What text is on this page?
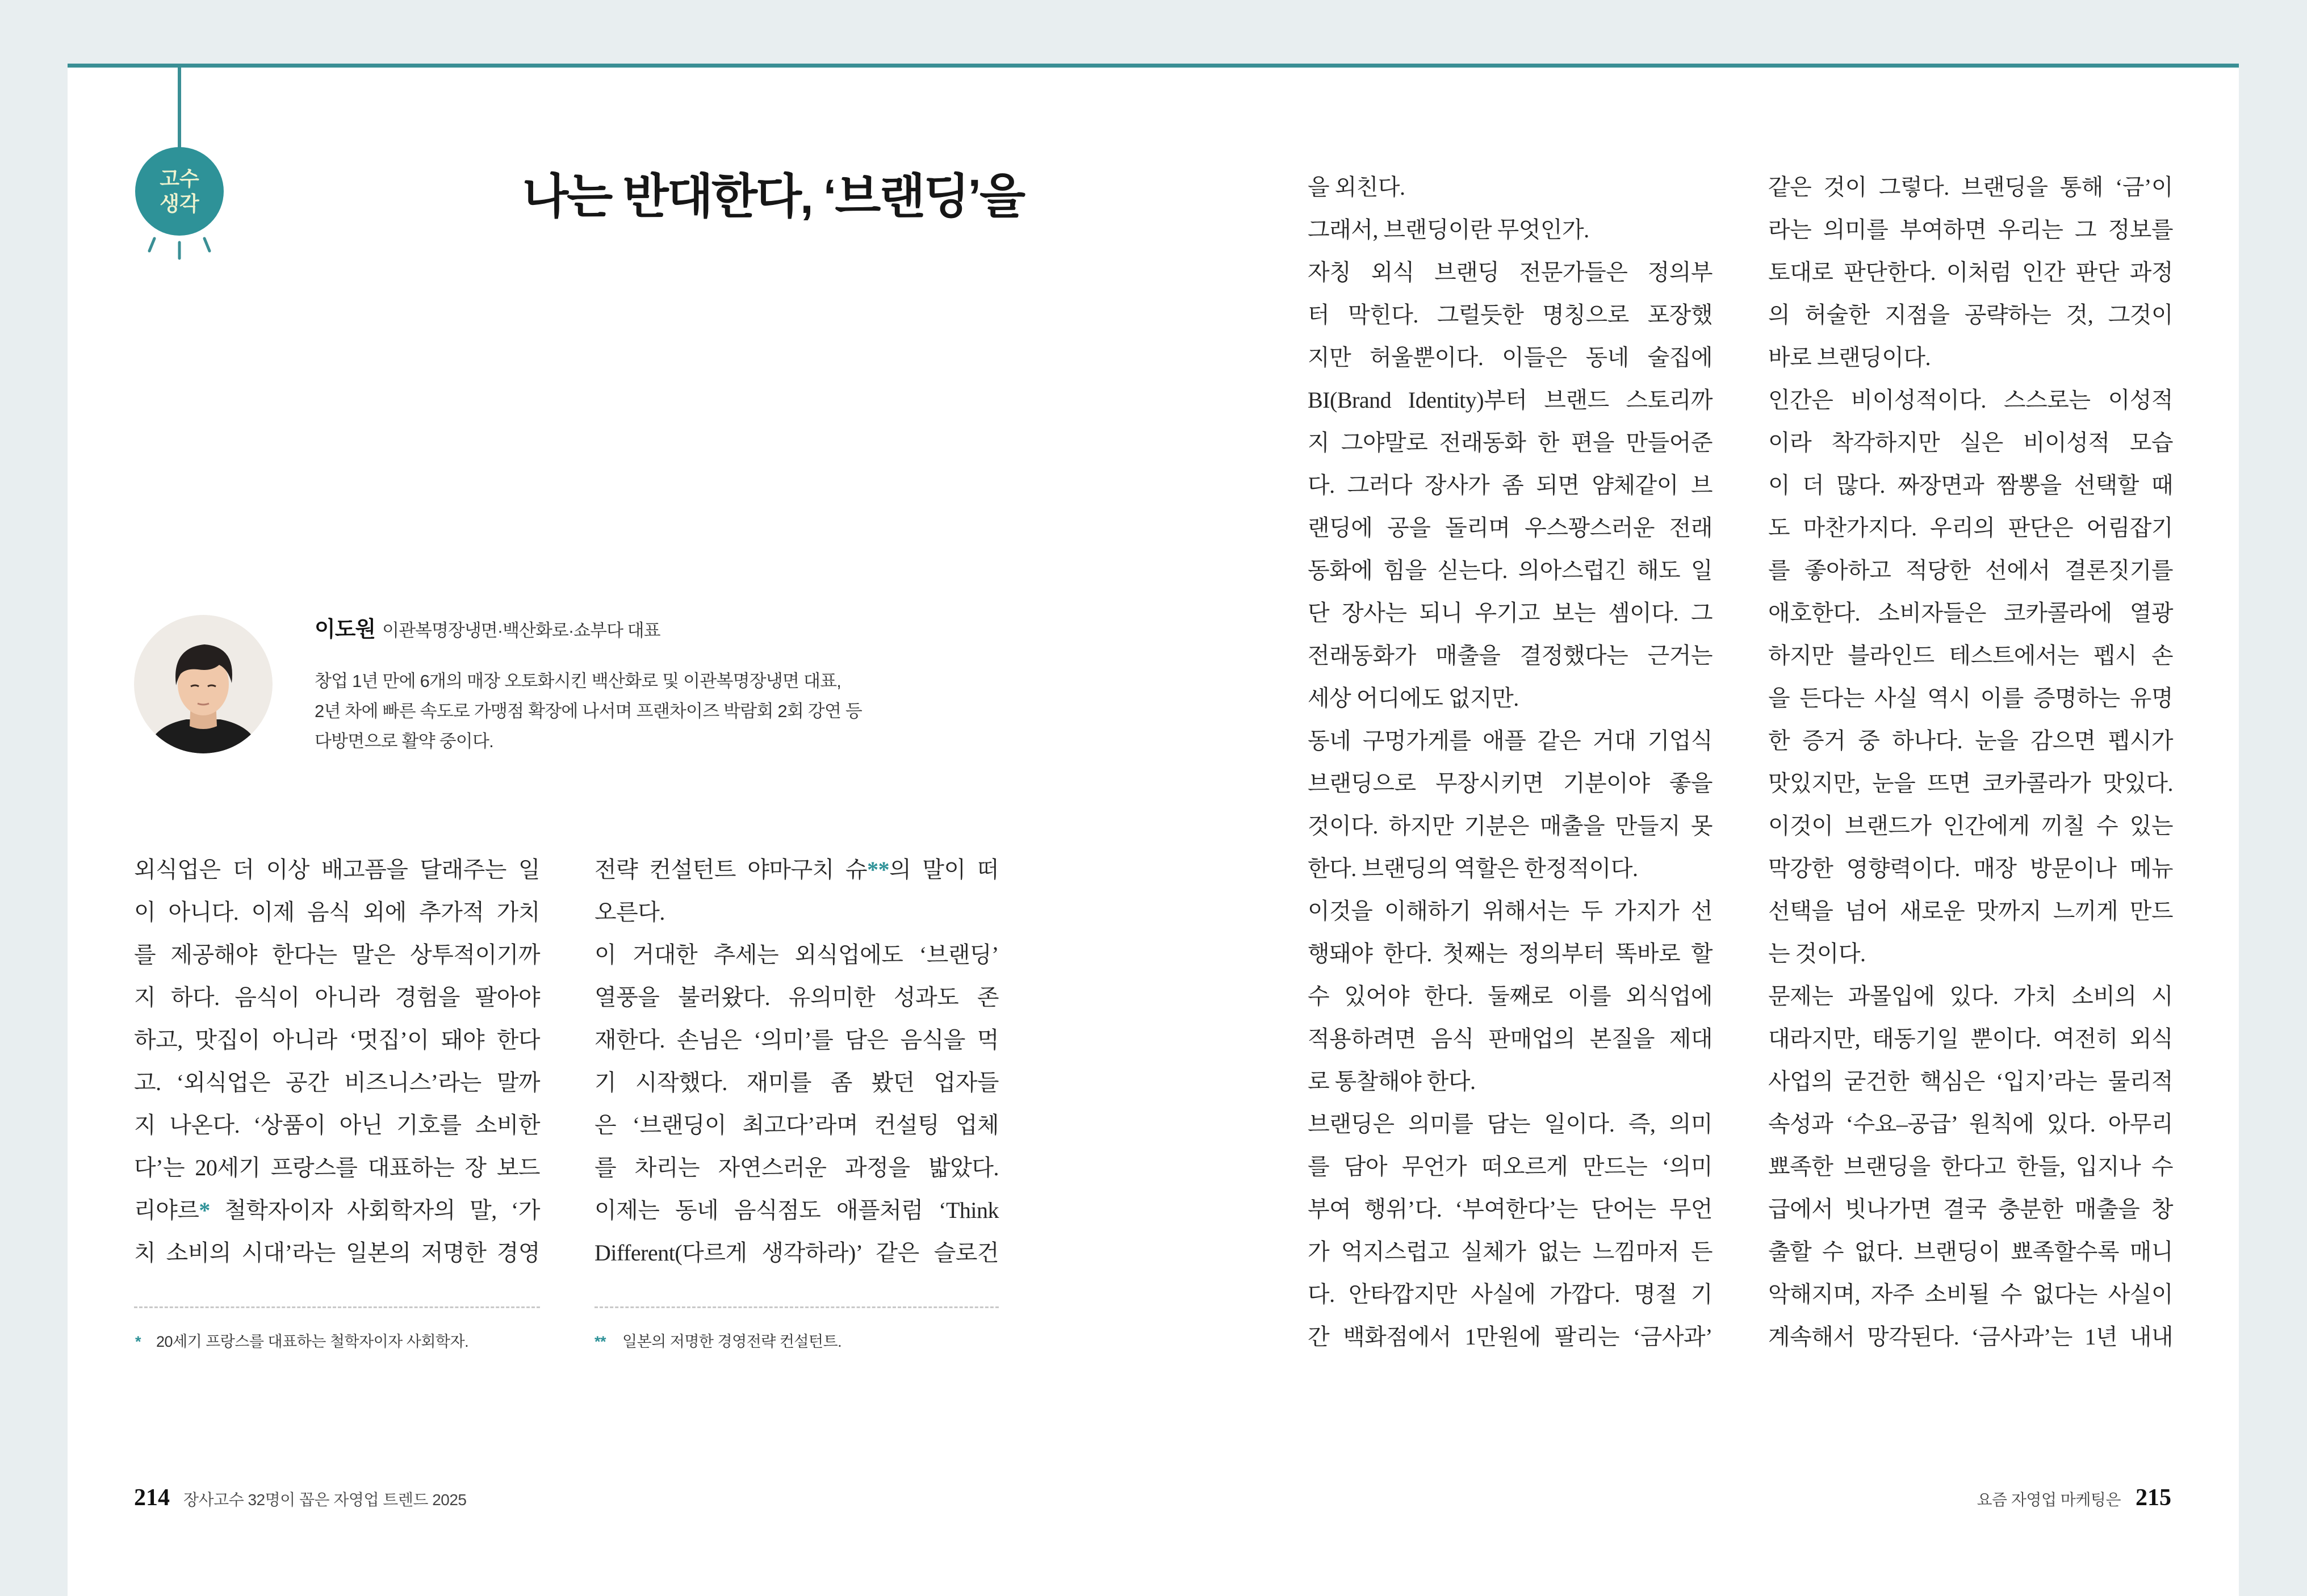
고수
생각	나는 반대한다, ‘브랜딩’을
이도원 이관복명장냉면·백산화로·쇼부다 대표
창업 1년 만에 6개의 매장 오토화시킨 백산화로 및 이관복명장냉면 대표,
2년 차에 빠른 속도로 가맹점 확장에 나서며 프랜차이즈 박람회 2회 강연 등
다방면으로 활약 중이다.
외식업은 더 이상 배고픔을 달래주는 일
이 아니다. 이제 음식 외에 추가적 가치
를 제공해야 한다는 말은 상투적이기까
지 하다. 음식이 아니라 경험을 팔아야
하고, 맛집이 아니라 ‘멋집’이 돼야 한다
고. ‘외식업은 공간 비즈니스’라는 말까
지 나온다. ‘상품이 아닌 기호를 소비한
다’는 20세기 프랑스를 대표하는 장 보드
리야르* 철학자이자 사회학자의 말, ‘가
치 소비의 시대’라는 일본의 저명한 경영
전략 컨설턴트 야마구치 슈**의 말이 떠
오른다.
이 거대한 추세는 외식업에도 ‘브랜딩’
열풍을 불러왔다. 유의미한 성과도 존
재한다. 손님은 ‘의미’를 담은 음식을 먹
기 시작했다. 재미를 좀 봤던 업자들
은 ‘브랜딩이 최고다’라며 컨설팅 업체
를 차리는 자연스러운 과정을 밟았다.
이제는 동네 음식점도 애플처럼 ‘Think
Different(다르게 생각하라)’ 같은 슬로건
을 외친다.
그래서, 브랜딩이란 무엇인가.
자칭 외식 브랜딩 전문가들은 정의부
터 막힌다. 그럴듯한 명칭으로 포장했
지만 허울뿐이다. 이들은 동네 술집에
BI(Brand Identity)부터 브랜드 스토리까
지 그야말로 전래동화 한 편을 만들어준
다. 그러다 장사가 좀 되면 얌체같이 브
랜딩에 공을 돌리며 우스꽝스러운 전래
동화에 힘을 싣는다. 의아스럽긴 해도 일
단 장사는 되니 우기고 보는 셈이다. 그
전래동화가 매출을 결정했다는 근거는
세상 어디에도 없지만.
동네 구멍가게를 애플 같은 거대 기업식
브랜딩으로 무장시키면 기분이야 좋을
것이다. 하지만 기분은 매출을 만들지 못
한다. 브랜딩의 역할은 한정적이다.
이것을 이해하기 위해서는 두 가지가 선
행돼야 한다. 첫째는 정의부터 똑바로 할
수 있어야 한다. 둘째로 이를 외식업에
적용하려면 음식 판매업의 본질을 제대
로 통찰해야 한다.
브랜딩은 의미를 담는 일이다. 즉, 의미
를 담아 무언가 떠오르게 만드는 ‘의미
부여 행위’다. ‘부여한다’는 단어는 무언
가 억지스럽고 실체가 없는 느낌마저 든
다. 안타깝지만 사실에 가깝다. 명절 기
간 백화점에서 1만원에 팔리는 ‘금사과’
같은 것이 그렇다. 브랜딩을 통해 ‘금’이
라는 의미를 부여하면 우리는 그 정보를
토대로 판단한다. 이처럼 인간 판단 과정
의 허술한 지점을 공략하는 것, 그것이
바로 브랜딩이다.
인간은 비이성적이다. 스스로는 이성적
이라 착각하지만 실은 비이성적 모습
이 더 많다. 짜장면과 짬뽕을 선택할 때
도 마찬가지다. 우리의 판단은 어림잡기
를 좋아하고 적당한 선에서 결론짓기를
애호한다. 소비자들은 코카콜라에 열광
하지만 블라인드 테스트에서는 펩시 손
을 든다는 사실 역시 이를 증명하는 유명
한 증거 중 하나다. 눈을 감으면 펩시가
맛있지만, 눈을 뜨면 코카콜라가 맛있다.
이것이 브랜드가 인간에게 끼칠 수 있는
막강한 영향력이다. 매장 방문이나 메뉴
선택을 넘어 새로운 맛까지 느끼게 만드
는 것이다.
문제는 과몰입에 있다. 가치 소비의 시
대라지만, 태동기일 뿐이다. 여전히 외식
사업의 굳건한 핵심은 ‘입지’라는 물리적
속성과 ‘수요–공급’ 원칙에 있다. 아무리
뾰족한 브랜딩을 한다고 한들, 입지나 수
급에서 빗나가면 결국 충분한 매출을 창
출할 수 없다. 브랜딩이 뾰족할수록 매니
악해지며, 자주 소비될 수 없다는 사실이
계속해서 망각된다. ‘금사과’는 1년 내내
* 20세기 프랑스를 대표하는 철학자이자 사회학자.	** 일본의 저명한 경영전략 컨설턴트.
214 장사고수 32명이 꼽은 자영업 트렌드 2025	요즘 자영업 마케팅은 215
